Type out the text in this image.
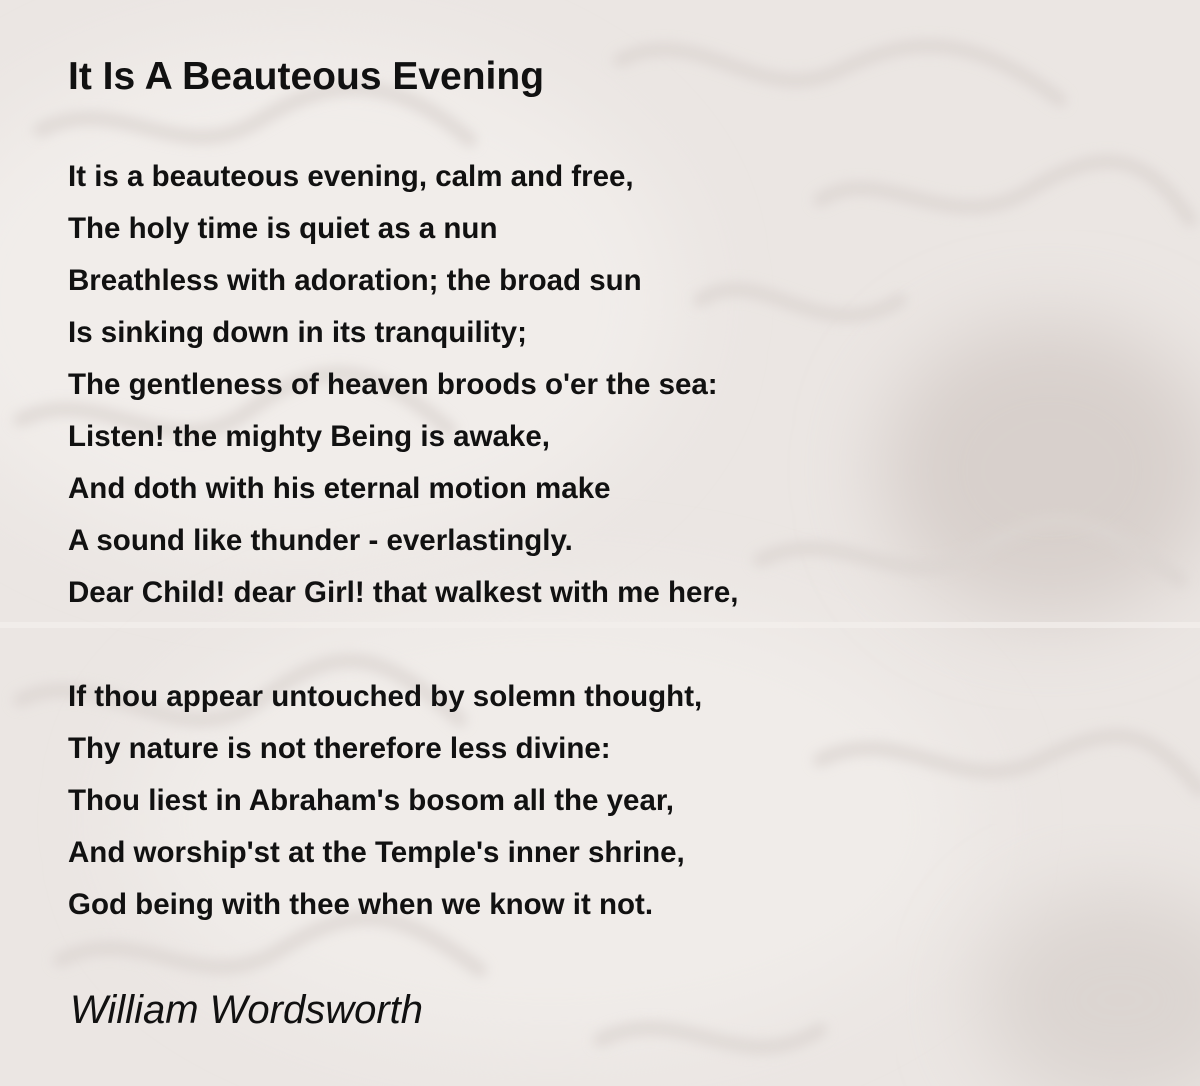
It Is A Beauteous Evening
It is a beauteous evening, calm and free,
The holy time is quiet as a nun
Breathless with adoration; the broad sun
Is sinking down in its tranquility;
The gentleness of heaven broods o'er the sea:
Listen! the mighty Being is awake,
And doth with his eternal motion make
A sound like thunder - everlastingly.
Dear Child! dear Girl! that walkest with me here,
If thou appear untouched by solemn thought,
Thy nature is not therefore less divine:
Thou liest in Abraham's bosom all the year,
And worship'st at the Temple's inner shrine,
God being with thee when we know it not.

William Wordsworth
